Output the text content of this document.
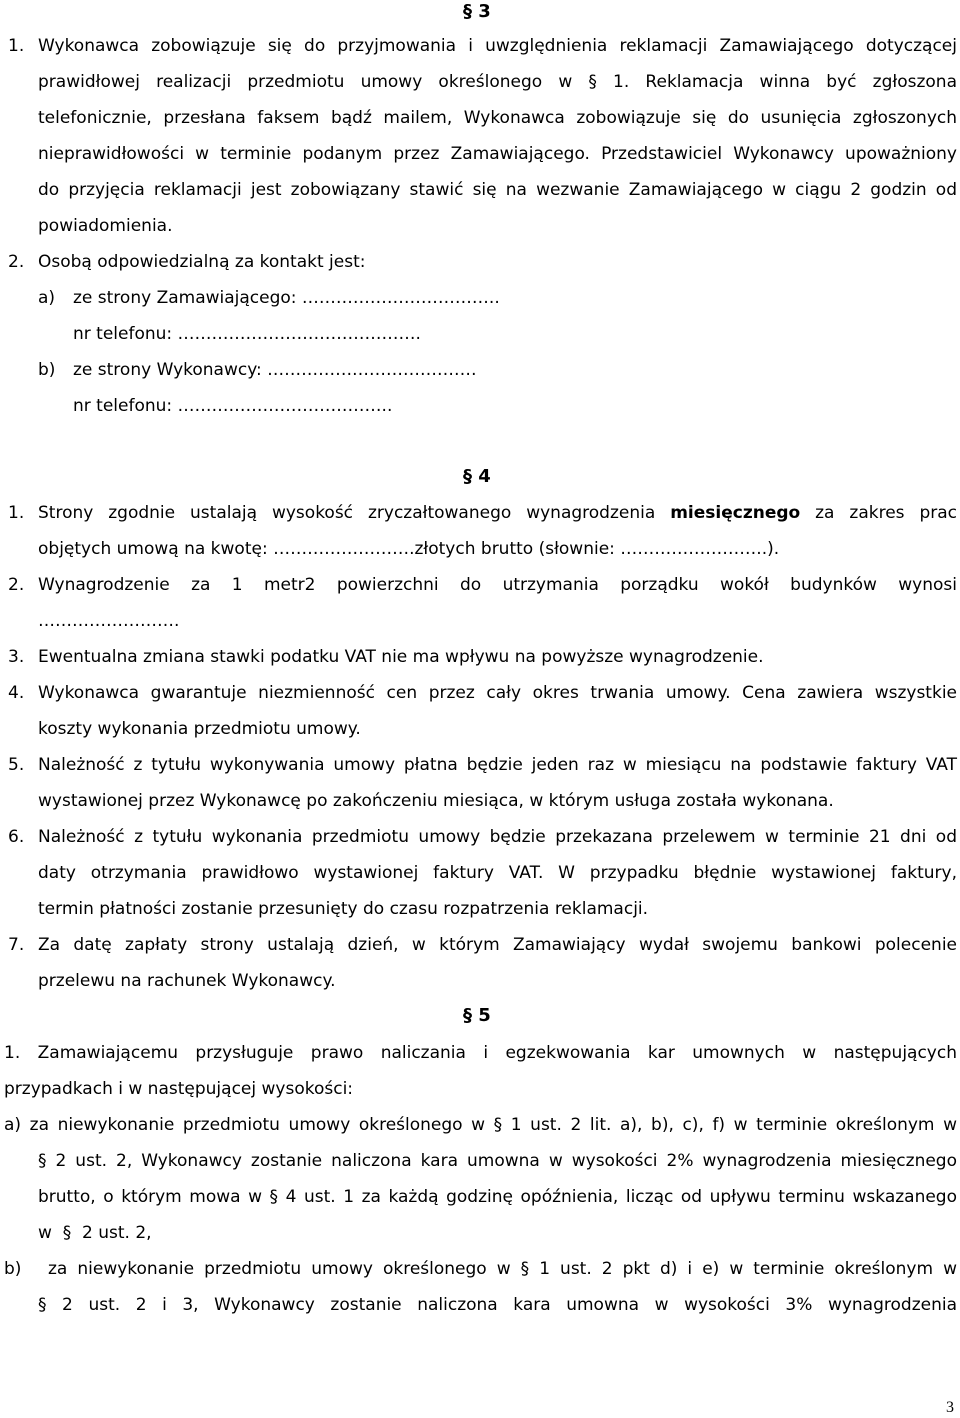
§ 3
1. Wykonawca zobowiązuje się do przyjmowania i uwzględnienia reklamacji Zamawiającego dotyczącej
prawidłowej realizacji przedmiotu umowy określonego w § 1. Reklamacja winna być zgłoszona
telefonicznie, przesłana faksem bądź mailem, Wykonawca zobowiązuje się do usunięcia zgłoszonych
nieprawidłowości w terminie podanym przez Zamawiającego. Przedstawiciel Wykonawcy upoważniony
do przyjęcia reklamacji jest zobowiązany stawić się na wezwanie Zamawiającego w ciągu 2 godzin od
powiadomienia.
2. Osobą odpowiedzialną za kontakt jest:
a) ze strony Zamawiającego: ……………………………..
nr telefonu: …………………………………….
b) ze strony Wykonawcy: …………….…………………
nr telefonu: ………………………………..
§ 4
1. Strony zgodnie ustalają wysokość zryczałtowanego wynagrodzenia miesięcznego za zakres prac
objętych umową na kwotę: …………………….złotych brutto (słownie: ……………………..).
2. Wynagrodzenie za 1 metr2 powierzchni do utrzymania porządku wokół budynków wynosi
…………………….
3. Ewentualna zmiana stawki podatku VAT nie ma wpływu na powyższe wynagrodzenie.
4. Wykonawca gwarantuje niezmienność cen przez cały okres trwania umowy. Cena zawiera wszystkie
koszty wykonania przedmiotu umowy.
5. Należność z tytułu wykonywania umowy płatna będzie jeden raz w miesiącu na podstawie faktury VAT
wystawionej przez Wykonawcę po zakończeniu miesiąca, w którym usługa została wykonana.
6. Należność z tytułu wykonania przedmiotu umowy będzie przekazana przelewem w terminie 21 dni od
daty otrzymania prawidłowo wystawionej faktury VAT. W przypadku błędnie wystawionej faktury,
termin płatności zostanie przesunięty do czasu rozpatrzenia reklamacji.
7. Za datę zapłaty strony ustalają dzień, w którym Zamawiający wydał swojemu bankowi polecenie
przelewu na rachunek Wykonawcy.
§ 5
1. Zamawiającemu przysługuje prawo naliczania i egzekwowania kar umownych w następujących
przypadkach i w następującej wysokości:
a) za niewykonanie przedmiotu umowy określonego w § 1 ust. 2 lit. a), b), c), f) w terminie określonym w
§ 2 ust. 2, Wykonawcy zostanie naliczona kara umowna w wysokości 2% wynagrodzenia miesięcznego
brutto, o którym mowa w § 4 ust. 1 za każdą godzinę opóźnienia, licząc od upływu terminu wskazanego
w  §  2 ust. 2,
b) za niewykonanie przedmiotu umowy określonego w § 1 ust. 2 pkt d) i e) w terminie określonym w
§ 2 ust. 2 i 3, Wykonawcy zostanie naliczona kara umowna w wysokości 3% wynagrodzenia
3
